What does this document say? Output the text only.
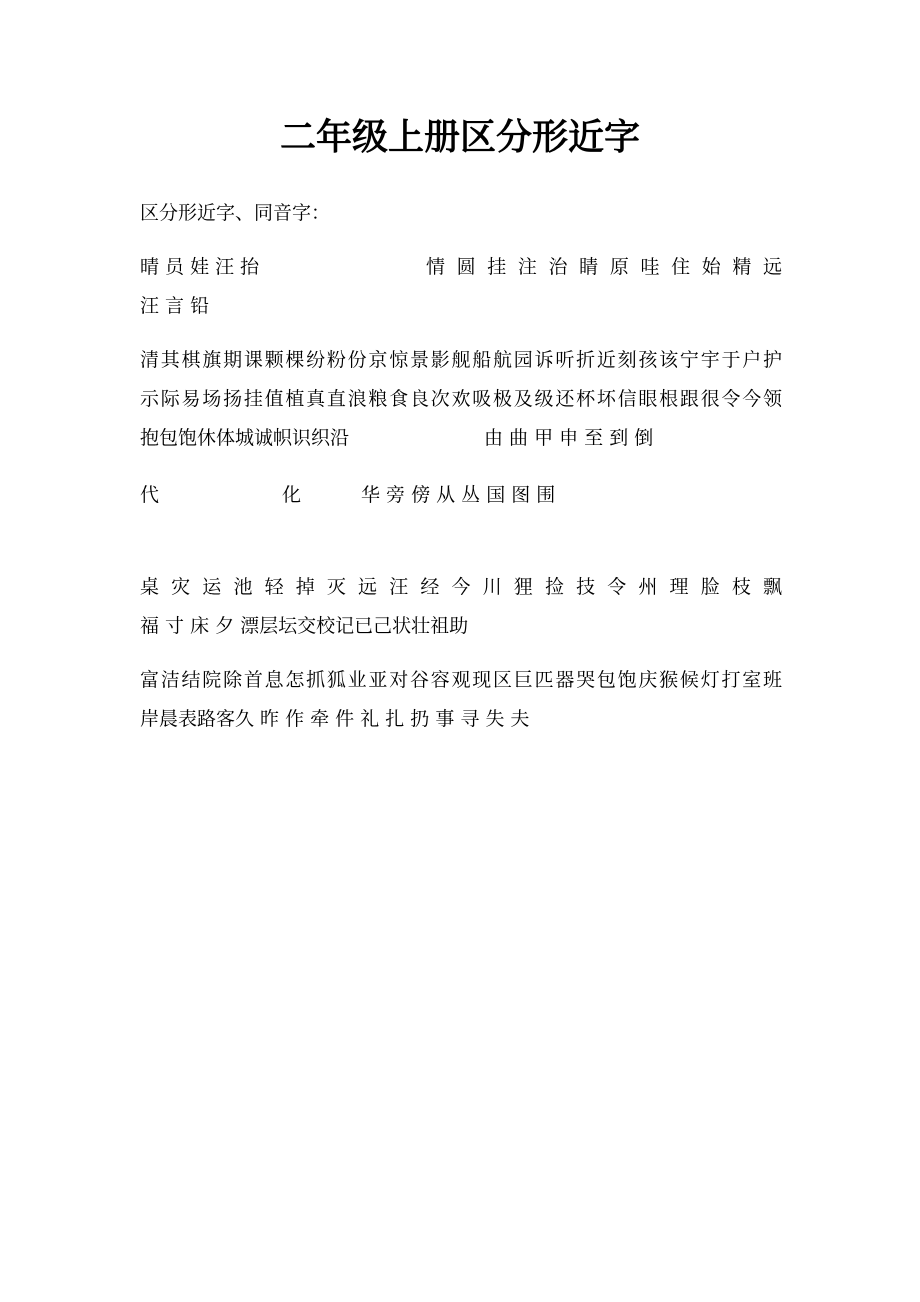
二年级上册区分形近字
区分形近字、同音字：
晴 员 娃 汪 抬	情 圆 挂 注 治 睛 原 哇 住 始 精 远
汪 言 铅
清其棋旗期课颗棵纷粉份京惊景影舰船航园诉听折近刻孩该宁宇于户护
示际易场扬挂值植真直浪粮食良次欢吸极及级还杯坏信眼根跟很令今领
抱包饱休体城诚帜识织沿	由 曲 甲 申 至 到 倒
代	化	华 旁 傍 从 丛 国 图 围
桌 灾 运 池 轻 掉 灭 远 汪 经 今 川 狸 捡 技 令 州 理 脸 枝 飘
福 寸 床 夕 漂层坛交校记已己状壮祖助
富洁结院除首息怎抓狐业亚对谷容观现区巨匹器哭包饱庆猴候灯打室班
岸晨表路客久 昨 作 牵 件 礼 扎 扔 事 寻 失 夫
